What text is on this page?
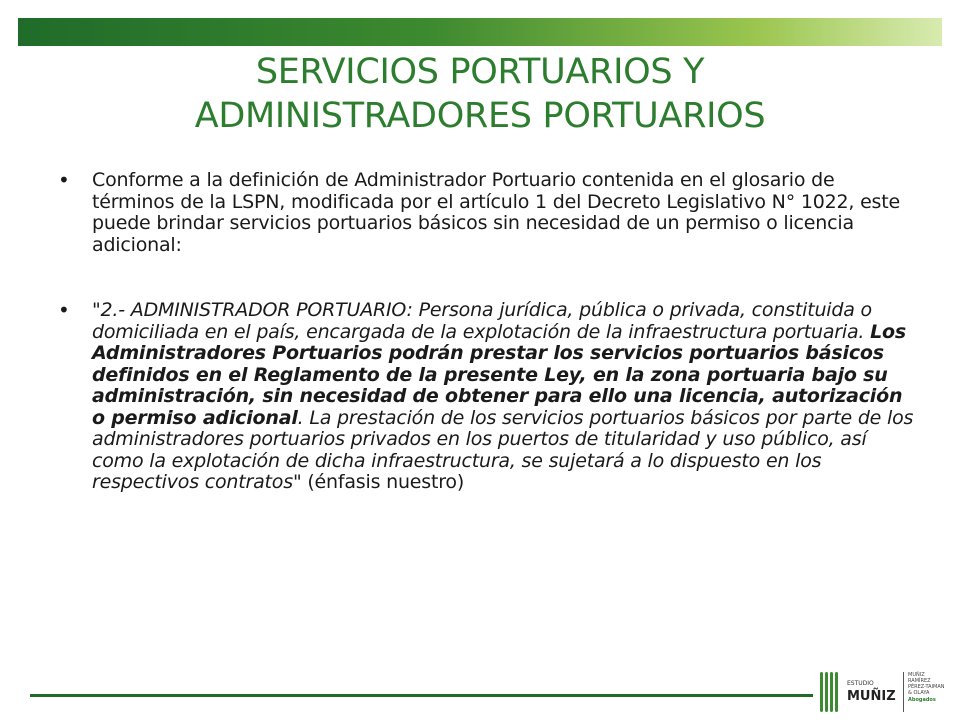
SERVICIOS PORTUARIOS Y
ADMINISTRADORES PORTUARIOS
•	Conforme a la definición de Administrador Portuario contenida en el glosario de términos de la LSPN, modificada por el artículo 1 del Decreto Legislativo N° 1022, este puede brindar servicios portuarios básicos sin necesidad de un permiso o licencia adicional:
•	"2.- ADMINISTRADOR PORTUARIO: Persona jurídica, pública o privada, constituida o domiciliada en el país, encargada de la explotación de la infraestructura portuaria. Los Administradores Portuarios podrán prestar los servicios portuarios básicos definidos en el Reglamento de la presente Ley, en la zona portuaria bajo su administración, sin necesidad de obtener para ello una licencia, autorización o permiso adicional. La prestación de los servicios portuarios básicos por parte de los administradores portuarios privados en los puertos de titularidad y uso público, así como la explotación de dicha infraestructura, se sujetará a lo dispuesto en los respectivos contratos" (énfasis nuestro)
ESTUDIO
MUÑIZ
MUÑIZ
RAMÍREZ
PÉREZ-TAIMAN
& OLAYA
Abogados
